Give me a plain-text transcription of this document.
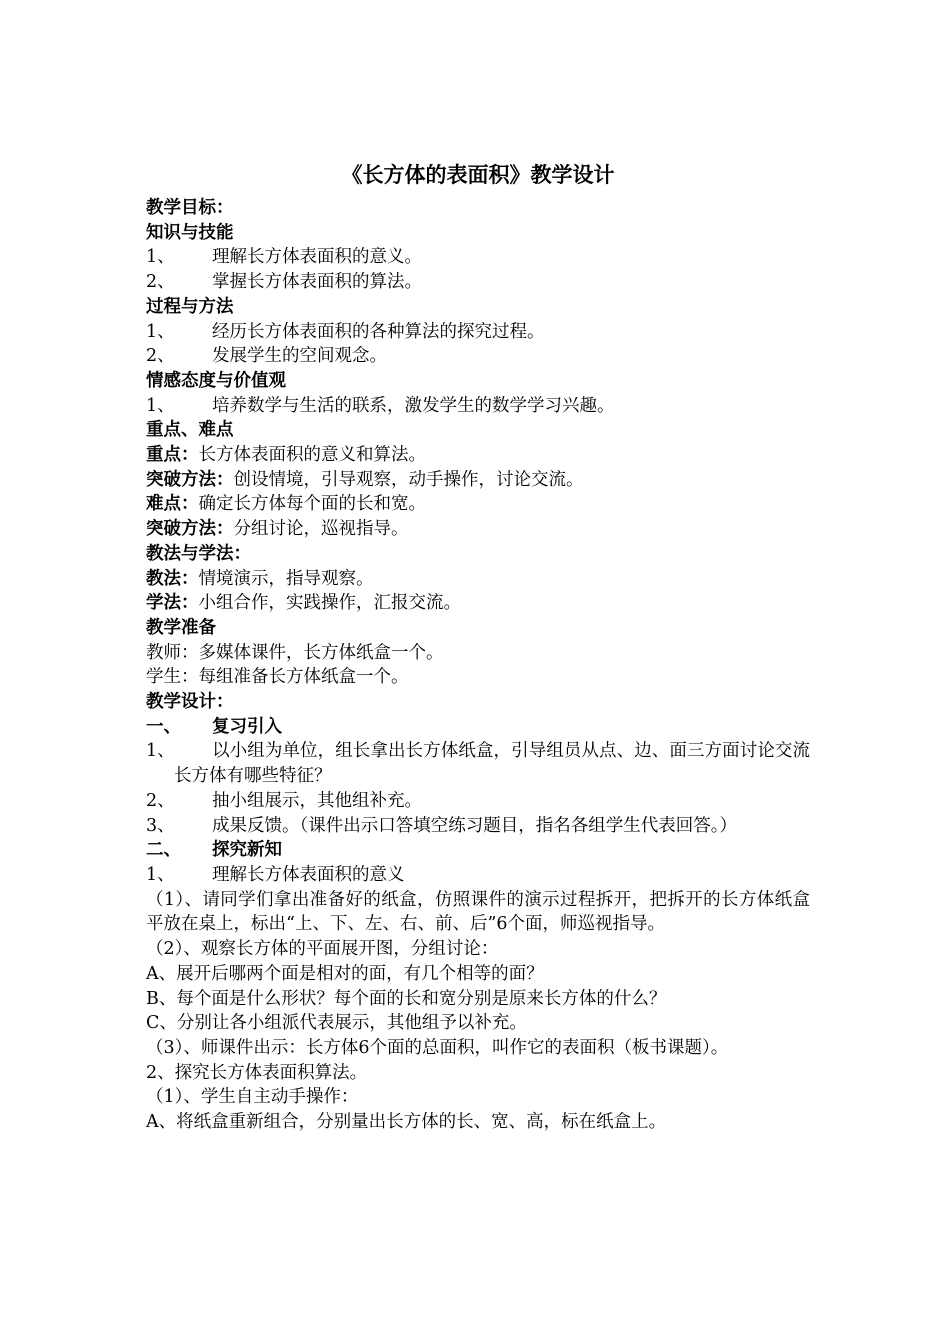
《长方体的表面积》教学设计
教学目标：
知识与技能
1、 理解长方体表面积的意义。
2、 掌握长方体表面积的算法。
过程与方法
1、 经历长方体表面积的各种算法的探究过程。
2、 发展学生的空间观念。
情感态度与价值观
1、 培养数学与生活的联系，激发学生的数学学习兴趣。
重点、难点
重点：长方体表面积的意义和算法。
突破方法：创设情境，引导观察，动手操作，讨论交流。
难点：确定长方体每个面的长和宽。
突破方法：分组讨论，巡视指导。
教法与学法：
教法：情境演示，指导观察。
学法：小组合作，实践操作，汇报交流。
教学准备
教师：多媒体课件，长方体纸盒一个。
学生：每组准备长方体纸盒一个。
教学设计：
一、 复习引入
1、 以小组为单位，组长拿出长方体纸盒，引导组员从点、边、面三方面讨论交流长方体有哪些特征？
2、 抽小组展示，其他组补充。
3、 成果反馈。（课件出示口答填空练习题目，指名各组学生代表回答。）
二、 探究新知
1、 理解长方体表面积的意义
（1）、请同学们拿出准备好的纸盒，仿照课件的演示过程拆开，把拆开的长方体纸盒平放在桌上，标出“上、下、左、右、前、后”6个面，师巡视指导。
（2）、观察长方体的平面展开图，分组讨论：
A、展开后哪两个面是相对的面，有几个相等的面？
B、每个面是什么形状？每个面的长和宽分别是原来长方体的什么？
C、分别让各小组派代表展示，其他组予以补充。
（3）、师课件出示：长方体6个面的总面积，叫作它的表面积（板书课题）。
2、探究长方体表面积算法。
（1）、学生自主动手操作：
A、将纸盒重新组合，分别量出长方体的长、宽、高，标在纸盒上。
